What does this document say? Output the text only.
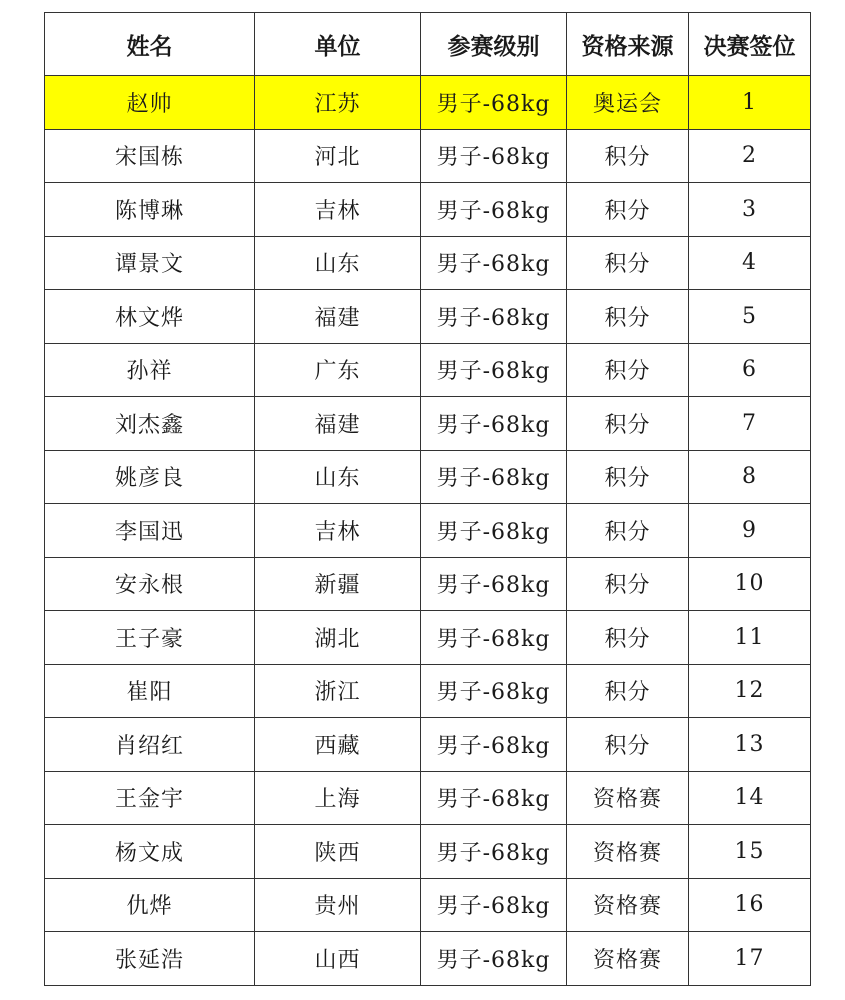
姓名	单位	参赛级别	资格来源	决赛签位
赵帅	江苏	男子-68kg	奥运会	1
宋国栋	河北	男子-68kg	积分	2
陈博琳	吉林	男子-68kg	积分	3
谭景文	山东	男子-68kg	积分	4
林文烨	福建	男子-68kg	积分	5
孙祥	广东	男子-68kg	积分	6
刘杰鑫	福建	男子-68kg	积分	7
姚彦良	山东	男子-68kg	积分	8
李国迅	吉林	男子-68kg	积分	9
安永根	新疆	男子-68kg	积分	10
王子豪	湖北	男子-68kg	积分	11
崔阳	浙江	男子-68kg	积分	12
肖绍红	西藏	男子-68kg	积分	13
王金宇	上海	男子-68kg	资格赛	14
杨文成	陕西	男子-68kg	资格赛	15
仇烨	贵州	男子-68kg	资格赛	16
张延浩	山西	男子-68kg	资格赛	17
